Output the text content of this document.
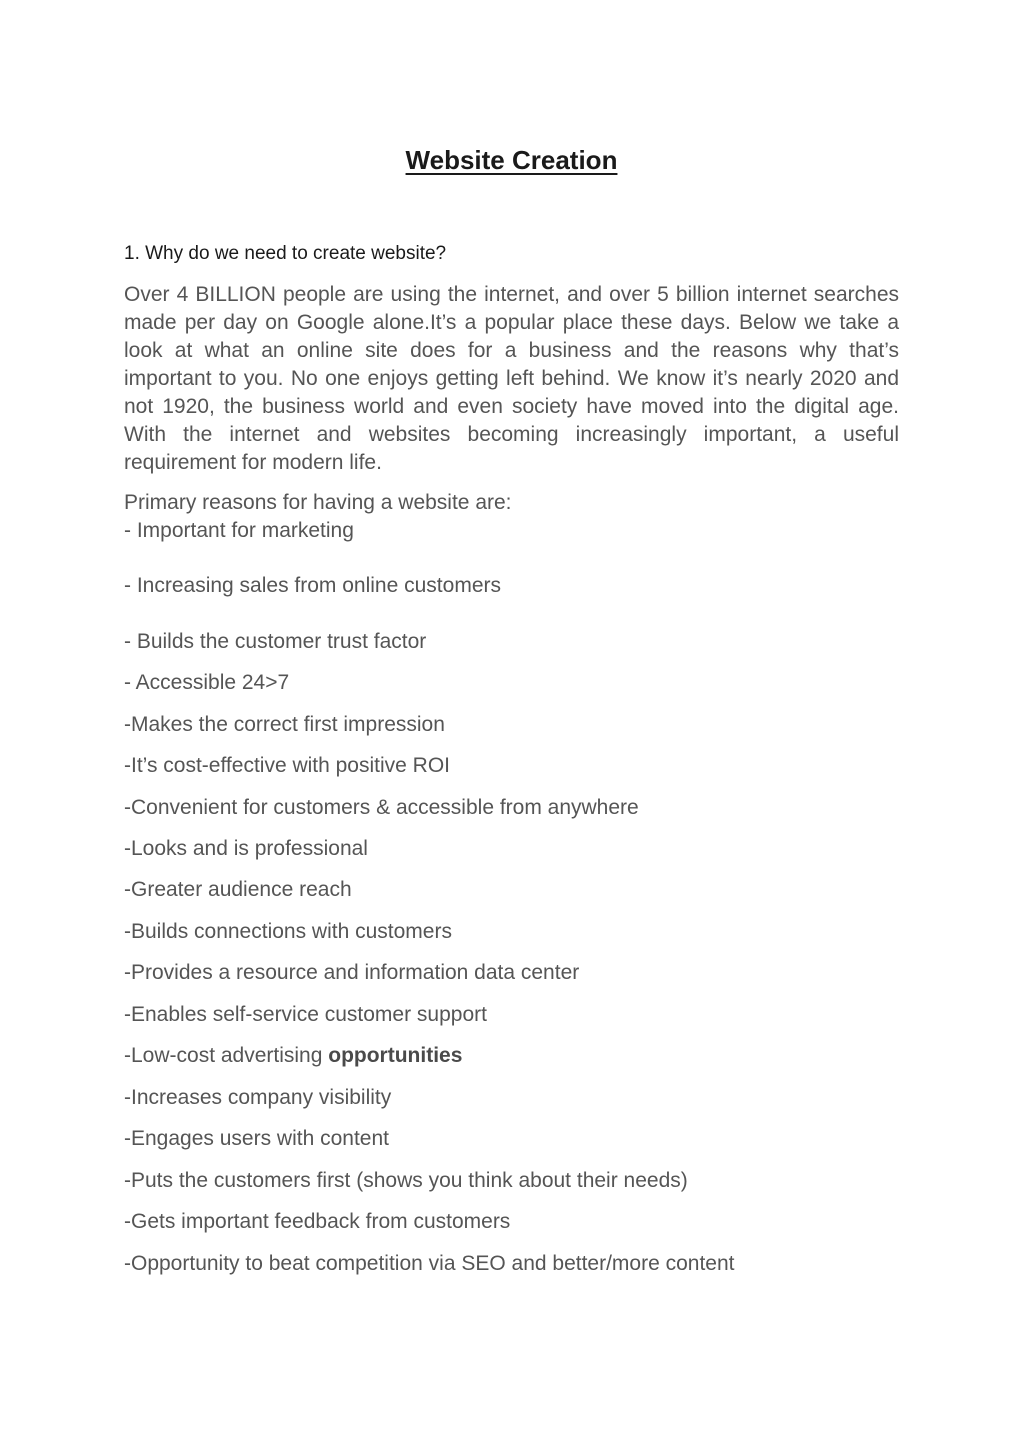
Website Creation

1. Why do we need to create website?

Over 4 BILLION people are using the internet, and over 5 billion internet searches made per day on Google alone.It’s a popular place these days. Below we take a look at what an online site does for a business and the reasons why that’s important to you. No one enjoys getting left behind. We know it’s nearly 2020 and not 1920, the business world and even society have moved into the digital age. With the internet and websites becoming increasingly important, a useful requirement for modern life.

Primary reasons for having a website are:

- Important for marketing

- Increasing sales from online customers

- Builds the customer trust factor

- Accessible 24>7

-Makes the correct first impression

-It’s cost-effective with positive ROI

-Convenient for customers & accessible from anywhere

-Looks and is professional

-Greater audience reach

-Builds connections with customers

-Provides a resource and information data center

-Enables self-service customer support

-Low-cost advertising opportunities

-Increases company visibility

-Engages users with content

-Puts the customers first (shows you think about their needs)

-Gets important feedback from customers

-Opportunity to beat competition via SEO and better/more content
